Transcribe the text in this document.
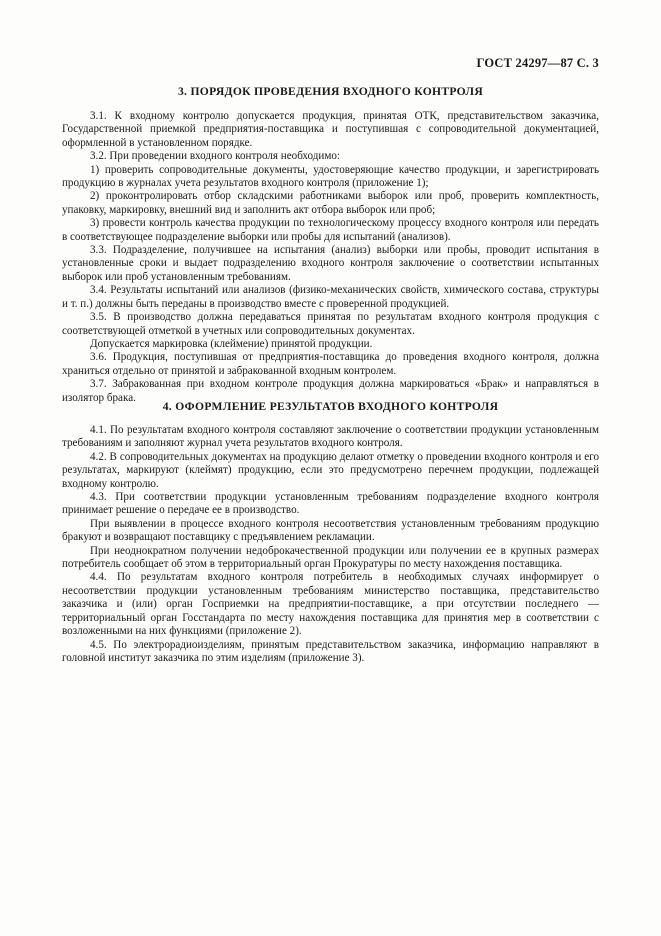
ГОСТ 24297—87 С. 3
3. ПОРЯДОК ПРОВЕДЕНИЯ ВХОДНОГО КОНТРОЛЯ

3.1. К входному контролю допускается продукция, принятая ОТК, представительством заказчика, Государственной приемкой предприятия-поставщика и поступившая с сопроводительной документацией, оформленной в установленном порядке.

3.2. При проведении входного контроля необходимо:

1) проверить сопроводительные документы, удостоверяющие качество продукции, и зарегистрировать продукцию в журналах учета результатов входного контроля (приложение 1);

2) проконтролировать отбор складскими работниками выборок или проб, проверить комплектность, упаковку, маркировку, внешний вид и заполнить акт отбора выборок или проб;

3) провести контроль качества продукции по технологическому процессу входного контроля или передать в соответствующее подразделение выборки или пробы для испытаний (анализов).

3.3. Подразделение, получившее на испытания (анализ) выборки или пробы, проводит испытания в установленные сроки и выдает подразделению входного контроля заключение о соответствии испытанных выборок или проб установленным требованиям.

3.4. Результаты испытаний или анализов (физико-механических свойств, химического состава, структуры и т. п.) должны быть переданы в производство вместе с проверенной продукцией.

3.5. В производство должна передаваться принятая по результатам входного контроля продукция с соответствующей отметкой в учетных или сопроводительных документах.

Допускается маркировка (клеймение) принятой продукции.

3.6. Продукция, поступившая от предприятия-поставщика до проведения входного контроля, должна храниться отдельно от принятой и забракованной входным контролем.

3.7. Забракованная при входном контроле продукция должна маркироваться «Брак» и направляться в изолятор брака.

4. ОФОРМЛЕНИЕ РЕЗУЛЬТАТОВ ВХОДНОГО КОНТРОЛЯ

4.1. По результатам входного контроля составляют заключение о соответствии продукции установленным требованиям и заполняют журнал учета результатов входного контроля.

4.2. В сопроводительных документах на продукцию делают отметку о проведении входного контроля и его результатах, маркируют (клеймят) продукцию, если это предусмотрено перечнем продукции, подлежащей входному контролю.

4.3. При соответствии продукции установленным требованиям подразделение входного контроля принимает решение о передаче ее в производство.

При выявлении в процессе входного контроля несоответствия установленным требованиям продукцию бракуют и возвращают поставщику с предъявлением рекламации.

При неоднократном получении недоброкачественной продукции или получении ее в крупных размерах потребитель сообщает об этом в территориальный орган Прокуратуры по месту нахождения поставщика.

4.4. По результатам входного контроля потребитель в необходимых случаях информирует о несоответствии продукции установленным требованиям министерство поставщика, представительство заказчика и (или) орган Госприемки на предприятии-поставщике, а при отсутствии последнего — территориальный орган Госстандарта по месту нахождения поставщика для принятия мер в соответствии с возложенными на них функциями (приложение 2).

4.5. По электрорадиоизделиям, принятым представительством заказчика, информацию направляют в головной институт заказчика по этим изделиям (приложение 3).
